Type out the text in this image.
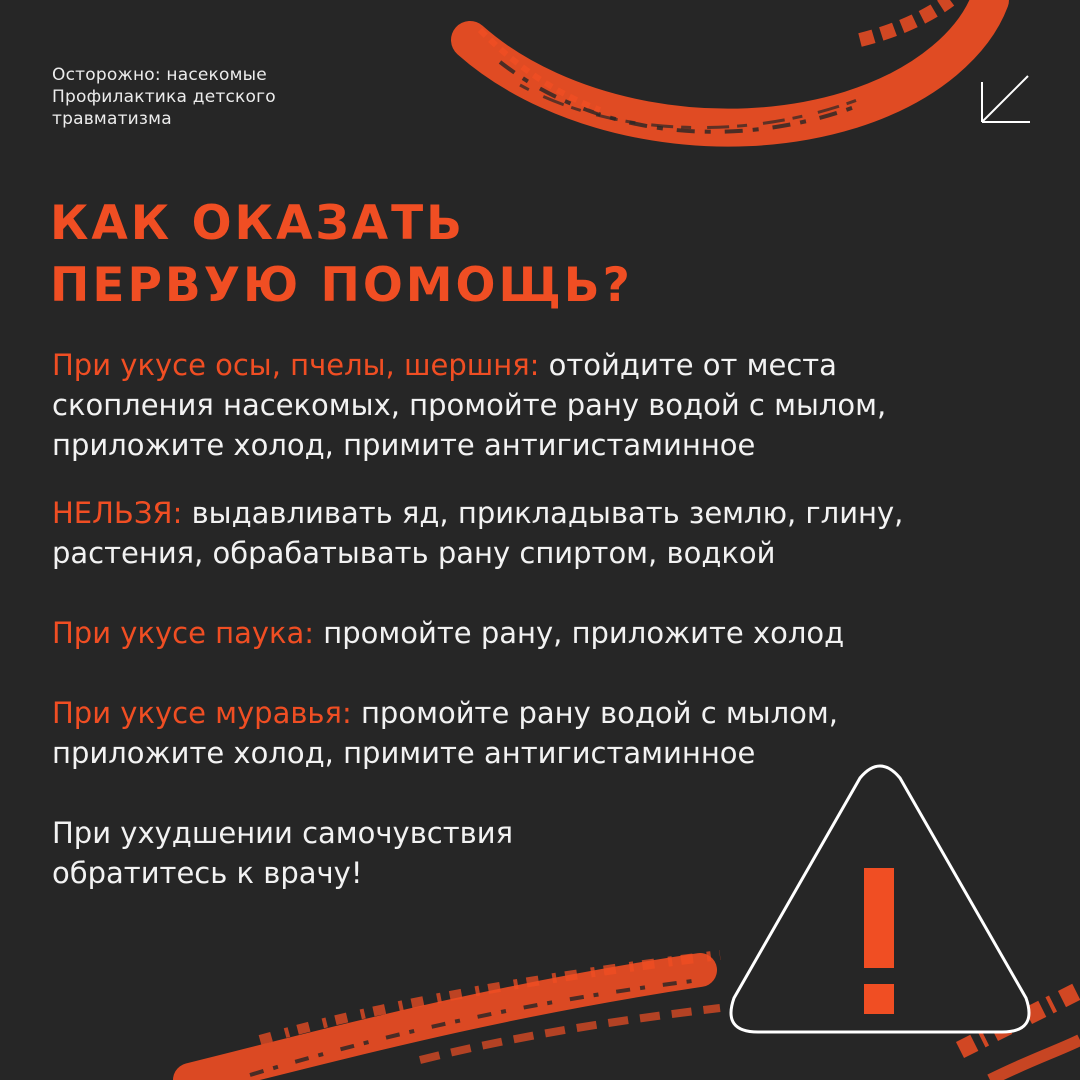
Осторожно: насекомые
Профилактика детского
травматизма
КАК ОКАЗАТЬ
ПЕРВУЮ ПОМОЩЬ?
При укусе осы, пчелы, шершня: отойдите от места
скопления насекомых, промойте рану водой с мылом,
приложите холод, примите антигистаминное
НЕЛЬЗЯ: выдавливать яд, прикладывать землю, глину,
растения, обрабатывать рану спиртом, водкой
При укусе паука: промойте рану, приложите холод
При укусе муравья: промойте рану водой с мылом,
приложите холод, примите антигистаминное
При ухудшении самочувствия
обратитесь к врачу!
